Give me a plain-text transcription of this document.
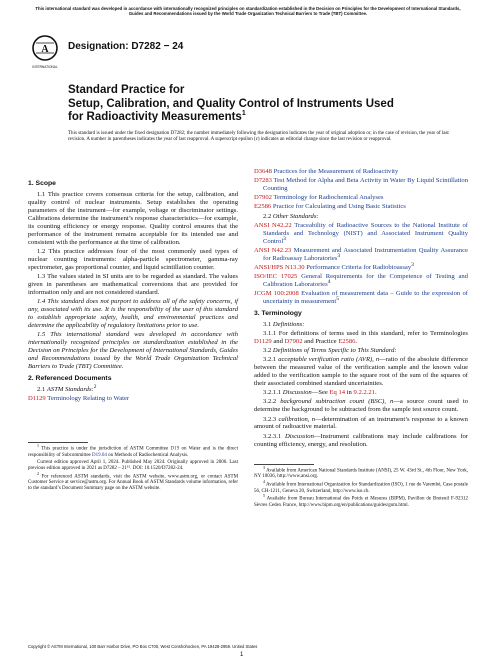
This international standard was developed in accordance with internationally recognized principles on standardization established in the Decision on Principles for the Development of International Standards, Guides and Recommendations issued by the World Trade Organization Technical Barriers to Trade (TBT) Committee.
A
INTERNATIONAL
Designation: D7282 − 24
Standard Practice for
Setup, Calibration, and Quality Control of Instruments Used
for Radioactivity Measurements$^1$
This standard is issued under the fixed designation D7282; the number immediately following the designation indicates the year of original adoption or, in the case of revision, the year of last revision. A number in parentheses indicates the year of last reapproval. A superscript epsilon (ε) indicates an editorial change since the last revision or reapproval.
1. Scope

1.1 This practice covers consensus criteria for the setup, calibration, and quality control of nuclear instruments. Setup establishes the operating parameters of the instrument—for example, voltage or discriminator settings. Calibrations determine the instrument’s response characteristics—for example, its counting efficiency or energy response. Quality control ensures that the performance of the instrument remains acceptable for its intended use and consistent with the performance at the time of calibration.

1.2 This practice addresses four of the most commonly used types of nuclear counting instruments: alpha-particle spectrometer, gamma-ray spectrometer, gas proportional counter, and liquid scintillation counter.

1.3 The values stated in SI units are to be regarded as standard. The values given in parentheses are mathematical conversions that are provided for information only and are not considered standard.

1.4 This standard does not purport to address all of the safety concerns, if any, associated with its use. It is the responsibility of the user of this standard to establish appropriate safety, health, and environmental practices and determine the applicability of regulatory limitations prior to use.

1.5 This international standard was developed in accordance with internationally recognized principles on standardization established in the Decision on Principles for the Development of International Standards, Guides and Recommendations issued by the World Trade Organization Technical Barriers to Trade (TBT) Committee.

2. Referenced Documents

2.1 ASTM Standards:$^2$

D1129 Terminology Relating to Water

$^1$ This practice is under the jurisdiction of ASTM Committee D19 on Water and is the direct responsibility of Subcommittee D19.04 on Methods of Radiochemical Analysis.

Current edition approved April 1, 2024. Published May 2024. Originally approved in 2006. Last previous edition approved in 2021 as D7282 – 21ᴱ¹. DOI: 10.1520/D7282-24.

$^2$ For referenced ASTM standards, visit the ASTM website, www.astm.org, or contact ASTM Customer Service at service@astm.org. For Annual Book of ASTM Standards volume information, refer to the standard’s Document Summary page on the ASTM website.

D3648 Practices for the Measurement of Radioactivity

D7283 Test Method for Alpha and Beta Activity in Water By Liquid Scintillation Counting

D7902 Terminology for Radiochemical Analyses

E2586 Practice for Calculating and Using Basic Statistics

2.2 Other Standards:

ANSI N42.22 Traceability of Radioactive Sources to the National Institute of Standards and Technology (NIST) and Associated Instrument Quality Control$^3$

ANSI N42.23 Measurement and Associated Instrumentation Quality Assurance for Radioassay Laboratories$^3$

ANSI/HPS N13.30 Performance Criteria for Radiobioassay$^3$

ISO/IEC 17025 General Requirements for the Competence of Testing and Calibration Laboratories$^4$

JCGM 100:2008 Evaluation of measurement data – Guide to the expression of uncertainty in measurement$^5$

3. Terminology

3.1 Definitions:

3.1.1 For definitions of terms used in this standard, refer to Terminologies D1129 and D7902 and Practice E2586.

3.2 Definitions of Terms Specific to This Standard:

3.2.1 acceptable verification ratio (AVR), n—ratio of the absolute difference between the measured value of the verification sample and the known value added to the verification sample to the square root of the sum of the squares of their associated combined standard uncertainties.

3.2.1.1 Discussion—See Eq 14 in 9.2.2.21.

3.2.2 background subtraction count (BSC), n—a source count used to determine the background to be subtracted from the sample test source count.

3.2.3 calibration, n—determination of an instrument’s response to a known amount of radioactive material.

3.2.3.1 Discussion—Instrument calibrations may include calibrations for counting efficiency, energy, and resolution.

$^3$ Available from American National Standards Institute (ANSI), 25 W. 43rd St., 4th Floor, New York, NY 10036, http://www.ansi.org.

$^4$ Available from International Organization for Standardization (ISO), 1 rue de Varembé, Case postale 56, CH-1211, Geneva 20, Switzerland, http://www.iso.ch.

$^5$ Available from Bureau International des Poids et Mesures (BIPM), Pavillon de Breteuil F-92312 Sèvres Cedex France, http://www.bipm.org/en/publications/guides/gum.html.

Copyright © ASTM International, 100 Barr Harbor Drive, PO Box C700, West Conshohocken, PA 19428-2959. United States
1
